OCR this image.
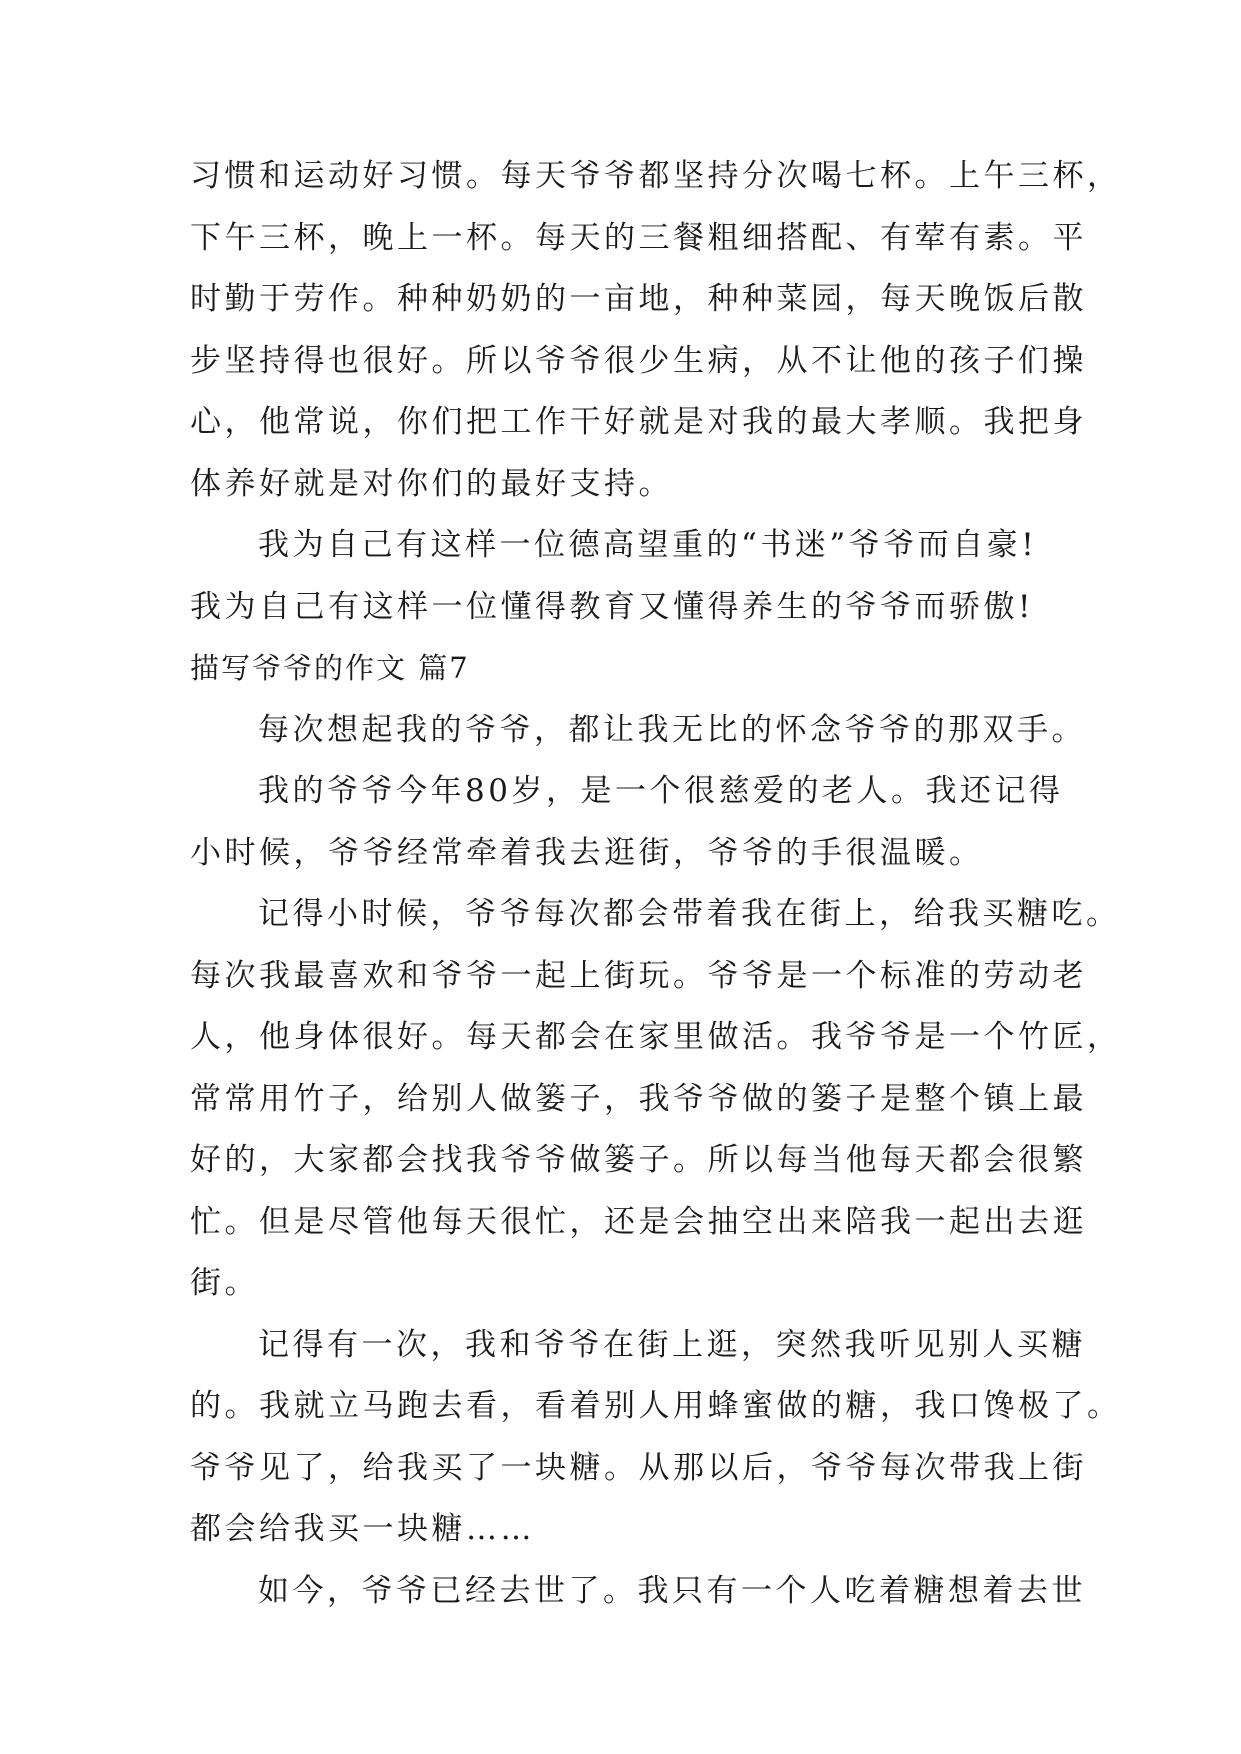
习惯和运动好习惯。每天爷爷都坚持分次喝七杯。上午三杯，
下午三杯，晚上一杯。每天的三餐粗细搭配、有荤有素。平
时勤于劳作。种种奶奶的一亩地，种种菜园，每天晚饭后散
步坚持得也很好。所以爷爷很少生病，从不让他的孩子们操
心，他常说，你们把工作干好就是对我的最大孝顺。我把身
体养好就是对你们的最好支持。
我为自己有这样一位德高望重的“书迷”爷爷而自豪!
我为自己有这样一位懂得教育又懂得养生的爷爷而骄傲!
描写爷爷的作文 篇7
每次想起我的爷爷，都让我无比的怀念爷爷的那双手。
我的爷爷今年80岁，是一个很慈爱的老人。我还记得
小时候，爷爷经常牵着我去逛街，爷爷的手很温暖。
记得小时候，爷爷每次都会带着我在街上，给我买糖吃。
每次我最喜欢和爷爷一起上街玩。爷爷是一个标准的劳动老
人，他身体很好。每天都会在家里做活。我爷爷是一个竹匠，
常常用竹子，给别人做篓子，我爷爷做的篓子是整个镇上最
好的，大家都会找我爷爷做篓子。所以每当他每天都会很繁
忙。但是尽管他每天很忙，还是会抽空出来陪我一起出去逛
街。
记得有一次，我和爷爷在街上逛，突然我听见别人买糖
的。我就立马跑去看，看着别人用蜂蜜做的糖，我口馋极了。
爷爷见了，给我买了一块糖。从那以后，爷爷每次带我上街
都会给我买一块糖……
如今，爷爷已经去世了。我只有一个人吃着糖想着去世
